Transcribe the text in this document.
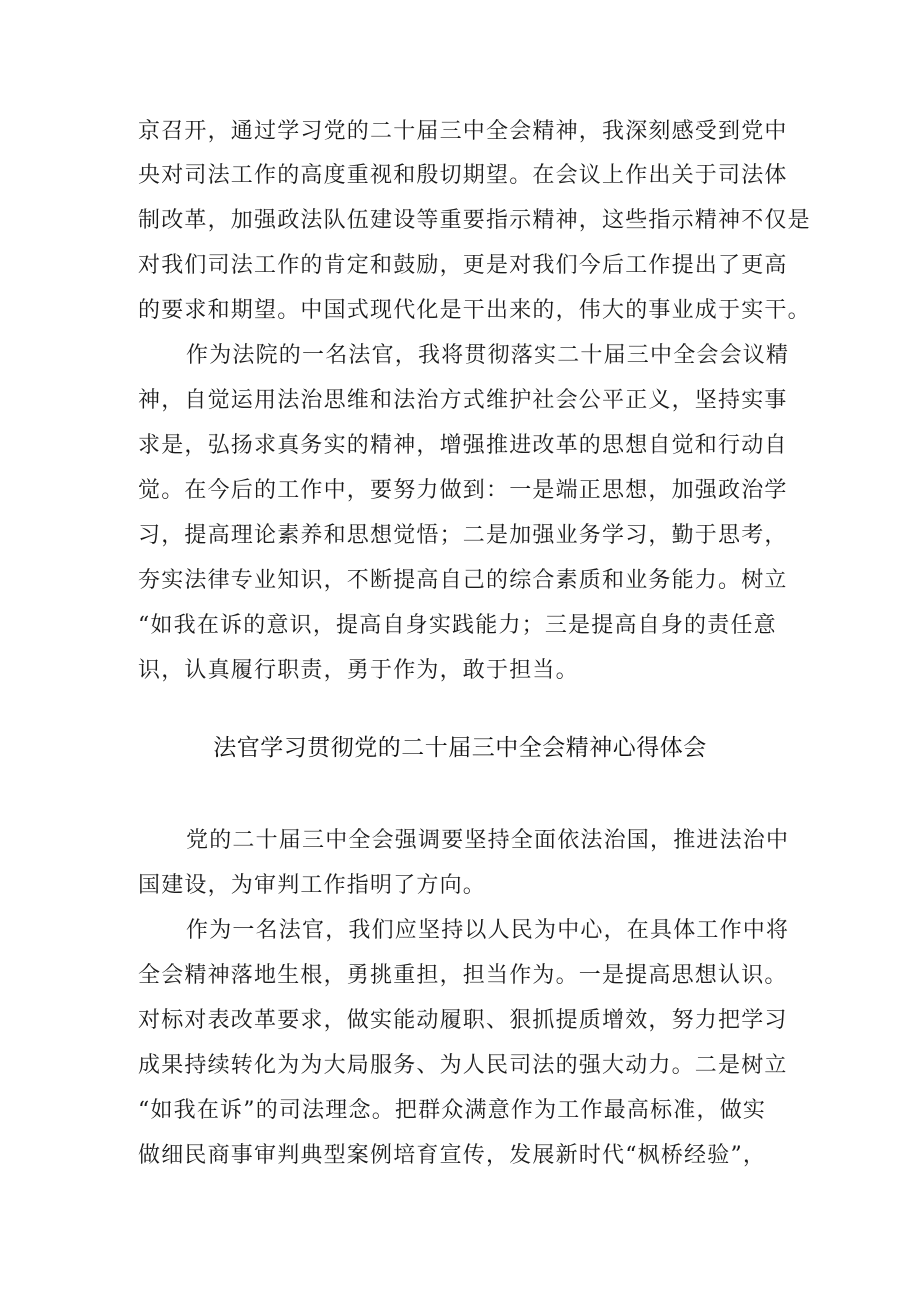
京召开，通过学习党的二十届三中全会精神，我深刻感受到党中
央对司法工作的高度重视和殷切期望。在会议上作出关于司法体
制改革，加强政法队伍建设等重要指示精神，这些指示精神不仅是
对我们司法工作的肯定和鼓励，更是对我们今后工作提出了更高
的要求和期望。中国式现代化是干出来的，伟大的事业成于实干。
作为法院的一名法官，我将贯彻落实二十届三中全会会议精
神，自觉运用法治思维和法治方式维护社会公平正义，坚持实事
求是，弘扬求真务实的精神，增强推进改革的思想自觉和行动自
觉。在今后的工作中，要努力做到：一是端正思想，加强政治学
习，提高理论素养和思想觉悟；二是加强业务学习，勤于思考，
夯实法律专业知识，不断提高自己的综合素质和业务能力。树立
“如我在诉的意识，提高自身实践能力；三是提高自身的责任意
识，认真履行职责，勇于作为，敢于担当。
法官学习贯彻党的二十届三中全会精神心得体会
党的二十届三中全会强调要坚持全面依法治国，推进法治中
国建设，为审判工作指明了方向。
作为一名法官，我们应坚持以人民为中心，在具体工作中将
全会精神落地生根，勇挑重担，担当作为。一是提高思想认识。
对标对表改革要求，做实能动履职、狠抓提质增效，努力把学习
成果持续转化为为大局服务、为人民司法的强大动力。二是树立
“如我在诉”的司法理念。把群众满意作为工作最高标准，做实
做细民商事审判典型案例培育宣传，发展新时代“枫桥经验”，
